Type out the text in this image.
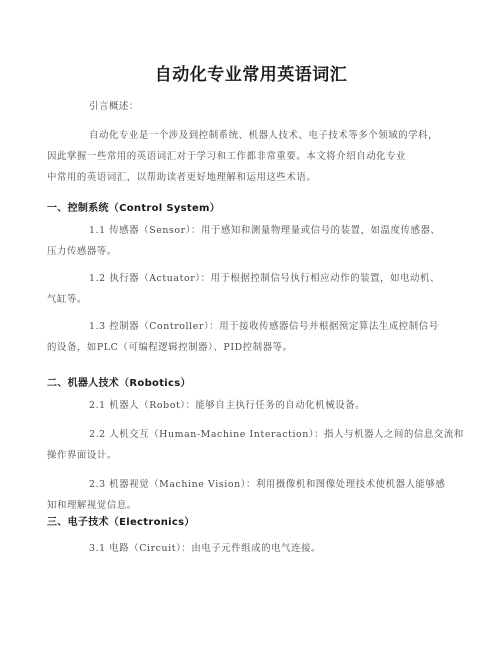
自动化专业常用英语词汇
引言概述：
自动化专业是一个涉及到控制系统、机器人技术、电子技术等多个领域的学科，
因此掌握一些常用的英语词汇对于学习和工作都非常重要。本文将介绍自动化专业
中常用的英语词汇，以帮助读者更好地理解和运用这些术语。
一、控制系统（Control System）
1.1 传感器（Sensor）：用于感知和测量物理量或信号的装置，如温度传感器、
压力传感器等。
1.2 执行器（Actuator）：用于根据控制信号执行相应动作的装置，如电动机、
气缸等。
1.3 控制器（Controller）：用于接收传感器信号并根据预定算法生成控制信号
的设备，如PLC（可编程逻辑控制器）、PID控制器等。
二、机器人技术（Robotics）
2.1 机器人（Robot）：能够自主执行任务的自动化机械设备。
2.2 人机交互（Human-Machine Interaction）：指人与机器人之间的信息交流和
操作界面设计。
2.3 机器视觉（Machine Vision）：利用摄像机和图像处理技术使机器人能够感
知和理解视觉信息。
三、电子技术（Electronics）
3.1 电路（Circuit）：由电子元件组成的电气连接。
